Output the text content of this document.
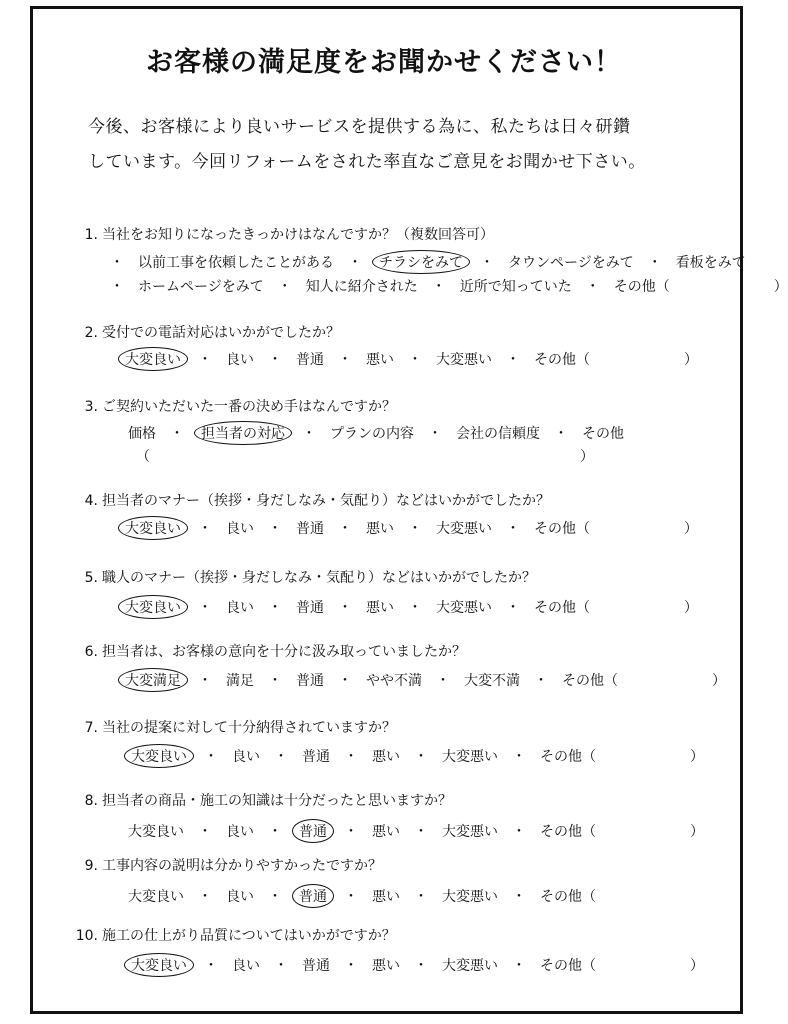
お客様の満足度をお聞かせください！
今後、お客様により良いサービスを提供する為に、私たちは日々研鑽
しています。今回リフォームをされた率直なご意見をお聞かせ下さい。
1. 当社をお知りになったきっかけはなんですか？（複数回答可）
・ 以前工事を依頼したことがある ・ チラシをみて ・ タウンページをみて ・ 看板をみて
・ ホームページをみて ・ 知人に紹介された ・ 近所で知っていた ・ その他（	）
2. 受付での電話対応はいかがでしたか？
大変良い ・ 良い ・ 普通 ・ 悪い ・ 大変悪い ・ その他（	）
3. ご契約いただいた一番の決め手はなんですか？
価格 ・ 担当者の対応 ・ プランの内容 ・ 会社の信頼度 ・ その他
（	）
4. 担当者のマナー（挨拶・身だしなみ・気配り）などはいかがでしたか？
大変良い ・ 良い ・ 普通 ・ 悪い ・ 大変悪い ・ その他（	）
5. 職人のマナー（挨拶・身だしなみ・気配り）などはいかがでしたか？
大変良い ・ 良い ・ 普通 ・ 悪い ・ 大変悪い ・ その他（	）
6. 担当者は、お客様の意向を十分に汲み取っていましたか？
大変満足 ・ 満足 ・ 普通 ・ やや不満 ・ 大変不満 ・ その他（	）
7. 当社の提案に対して十分納得されていますか？
大変良い ・ 良い ・ 普通 ・ 悪い ・ 大変悪い ・ その他（	）
8. 担当者の商品・施工の知識は十分だったと思いますか？
大変良い ・ 良い ・ 普通 ・ 悪い ・ 大変悪い ・ その他（	）
9. 工事内容の説明は分かりやすかったですか？
大変良い ・ 良い ・ 普通 ・ 悪い ・ 大変悪い ・ その他（
10. 施工の仕上がり品質についてはいかがですか？
大変良い ・ 良い ・ 普通 ・ 悪い ・ 大変悪い ・ その他（	）
